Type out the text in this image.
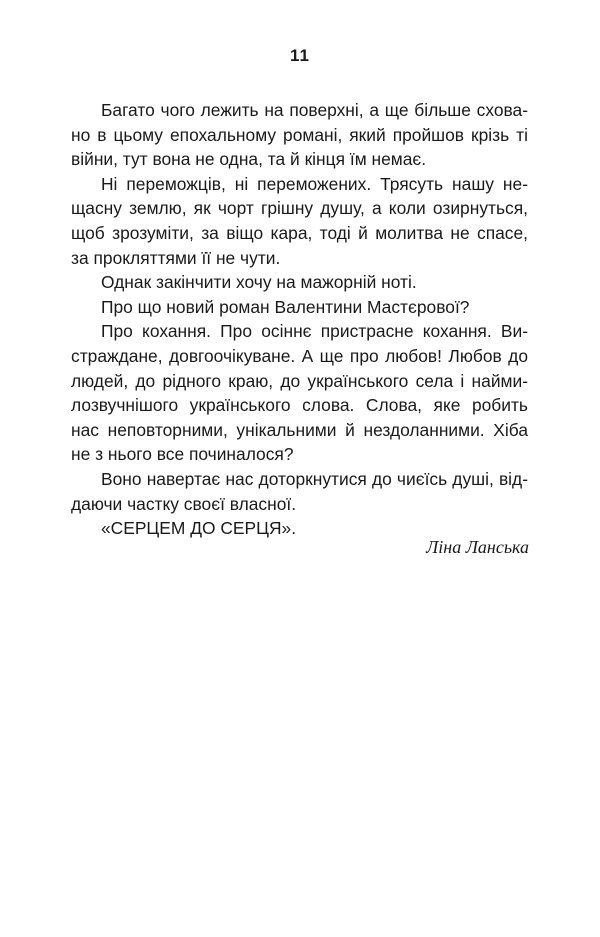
11
Багато чого лежить на поверхні, а ще більше схова-
но в цьому епохальному романі, який пройшов крізь ті
війни, тут вона не одна, та й кінця їм немає.
Ні переможців, ні переможених. Трясуть нашу не-
щасну землю, як чорт грішну душу, а коли озирнуться,
щоб зрозуміти, за віщо кара, тоді й молитва не спасе,
за прокляттями її не чути.
Однак закінчити хочу на мажорній ноті.
Про що новий роман Валентини Мастєрової?
Про кохання. Про осіннє пристрасне кохання. Ви-
страждане, довгоочікуване. А ще про любов! Любов до
людей, до рідного краю, до українського села і найми-
лозвучнішого українського слова. Слова, яке робить
нас неповторними, унікальними й нездоланними. Хіба
не з нього все починалося?
Воно навертає нас доторкнутися до чиєїсь душі, від-
даючи частку своєї власної.
«СЕРЦЕМ ДО СЕРЦЯ».
Ліна Ланська
